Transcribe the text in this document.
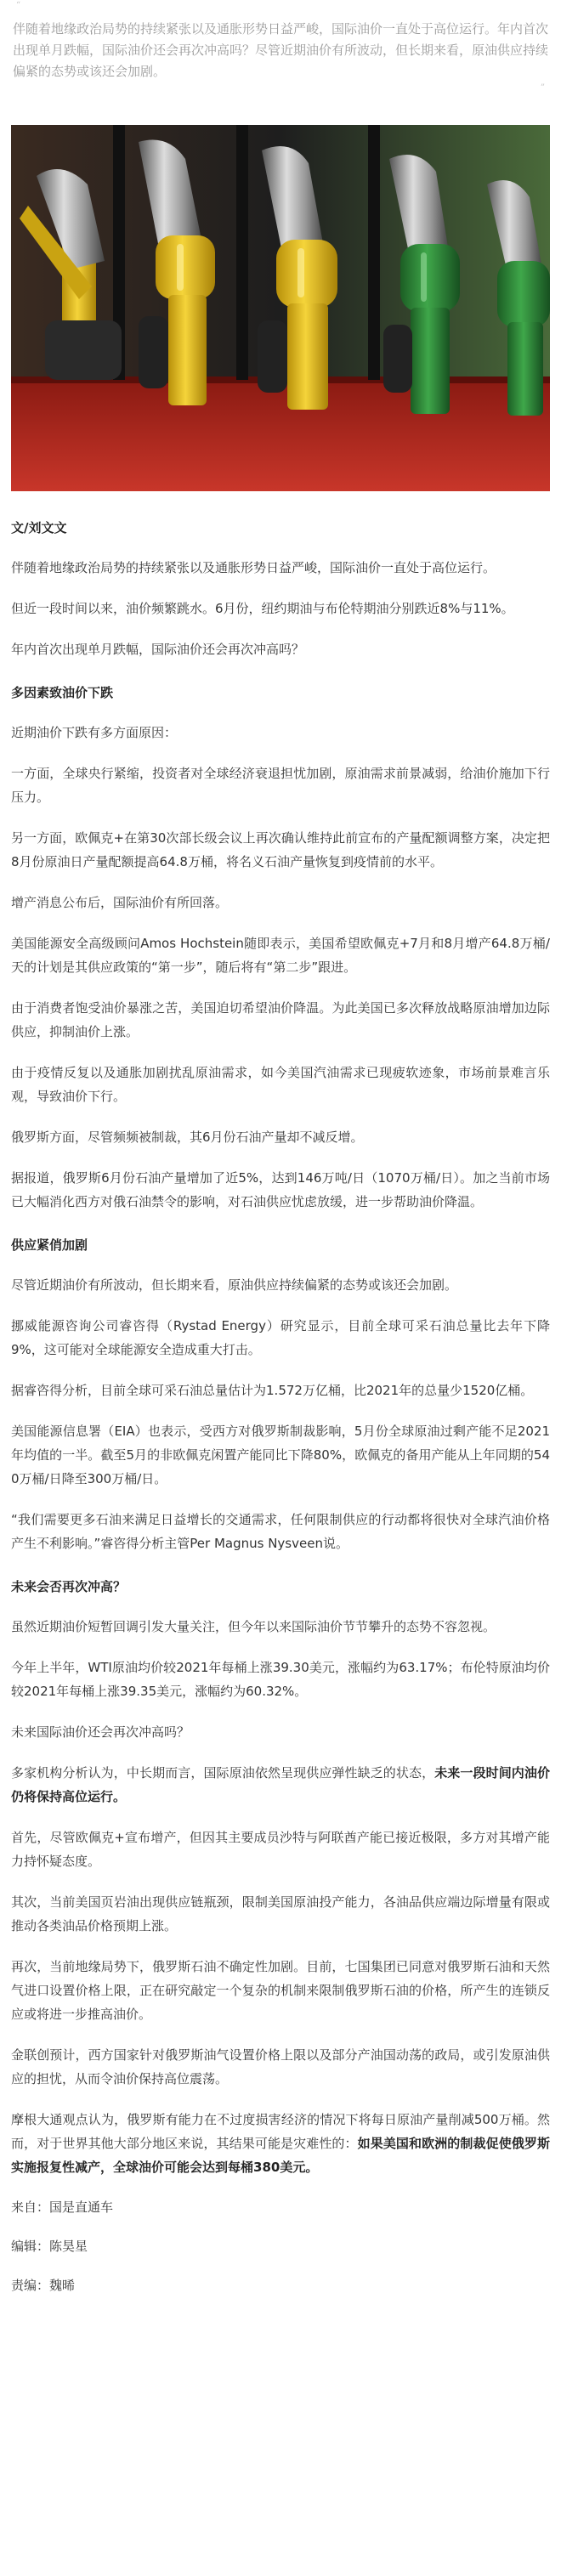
“
伴随着地缘政治局势的持续紧张以及通胀形势日益严峻，国际油价一直处于高位运行。年内首次出现单月跌幅，国际油价还会再次冲高吗？尽管近期油价有所波动，但长期来看，原油供应持续偏紧的态势或该还会加剧。
”
文/刘文文

伴随着地缘政治局势的持续紧张以及通胀形势日益严峻，国际油价一直处于高位运行。

但近一段时间以来，油价频繁跳水。6月份，纽约期油与布伦特期油分别跌近8%与11%。

年内首次出现单月跌幅，国际油价还会再次冲高吗？

多因素致油价下跌

近期油价下跌有多方面原因：

一方面，全球央行紧缩，投资者对全球经济衰退担忧加剧，原油需求前景减弱，给油价施加下行压力。

另一方面，欧佩克+在第30次部长级会议上再次确认维持此前宣布的产量配额调整方案，决定把8月份原油日产量配额提高64.8万桶，将名义石油产量恢复到疫情前的水平。

增产消息公布后，国际油价有所回落。

美国能源安全高级顾问Amos Hochstein随即表示，美国希望欧佩克+7月和8月增产64.8万桶/天的计划是其供应政策的“第一步”，随后将有“第二步”跟进。

由于消费者饱受油价暴涨之苦，美国迫切希望油价降温。为此美国已多次释放战略原油增加边际供应，抑制油价上涨。

由于疫情反复以及通胀加剧扰乱原油需求，如今美国汽油需求已现疲软迹象，市场前景难言乐观，导致油价下行。

俄罗斯方面，尽管频频被制裁，其6月份石油产量却不减反增。

据报道，俄罗斯6月份石油产量增加了近5%，达到146万吨/日（1070万桶/日）。加之当前市场已大幅消化西方对俄石油禁令的影响，对石油供应忧虑放缓，进一步帮助油价降温。

供应紧俏加剧

尽管近期油价有所波动，但长期来看，原油供应持续偏紧的态势或该还会加剧。

挪威能源咨询公司睿咨得（Rystad Energy）研究显示，目前全球可采石油总量比去年下降9%，这可能对全球能源安全造成重大打击。

据睿咨得分析，目前全球可采石油总量估计为1.572万亿桶，比2021年的总量少1520亿桶。

美国能源信息署（EIA）也表示，受西方对俄罗斯制裁影响，5月份全球原油过剩产能不足2021年均值的一半。截至5月的非欧佩克闲置产能同比下降80%，欧佩克的备用产能从上年同期的540万桶/日降至300万桶/日。

“我们需要更多石油来满足日益增长的交通需求，任何限制供应的行动都将很快对全球汽油价格产生不利影响。”睿咨得分析主管Per Magnus Nysveen说。

未来会否再次冲高？

虽然近期油价短暂回调引发大量关注，但今年以来国际油价节节攀升的态势不容忽视。

今年上半年，WTI原油均价较2021年每桶上涨39.30美元，涨幅约为63.17%；布伦特原油均价较2021年每桶上涨39.35美元，涨幅约为60.32%。

未来国际油价还会再次冲高吗？

多家机构分析认为，中长期而言，国际原油依然呈现供应弹性缺乏的状态，未来一段时间内油价仍将保持高位运行。

首先，尽管欧佩克+宣布增产，但因其主要成员沙特与阿联酋产能已接近极限，多方对其增产能力持怀疑态度。

其次，当前美国页岩油出现供应链瓶颈，限制美国原油投产能力，各油品供应端边际增量有限或推动各类油品价格预期上涨。

再次，当前地缘局势下，俄罗斯石油不确定性加剧。目前，七国集团已同意对俄罗斯石油和天然气进口设置价格上限，正在研究敲定一个复杂的机制来限制俄罗斯石油的价格，所产生的连锁反应或将进一步推高油价。

金联创预计，西方国家针对俄罗斯油气设置价格上限以及部分产油国动荡的政局，或引发原油供应的担忧，从而令油价保持高位震荡。

摩根大通观点认为，俄罗斯有能力在不过度损害经济的情况下将每日原油产量削减500万桶。然而，对于世界其他大部分地区来说，其结果可能是灾难性的：如果美国和欧洲的制裁促使俄罗斯实施报复性减产，全球油价可能会达到每桶380美元。

来自：国是直通车
编辑：陈昊星
责编：魏晞
